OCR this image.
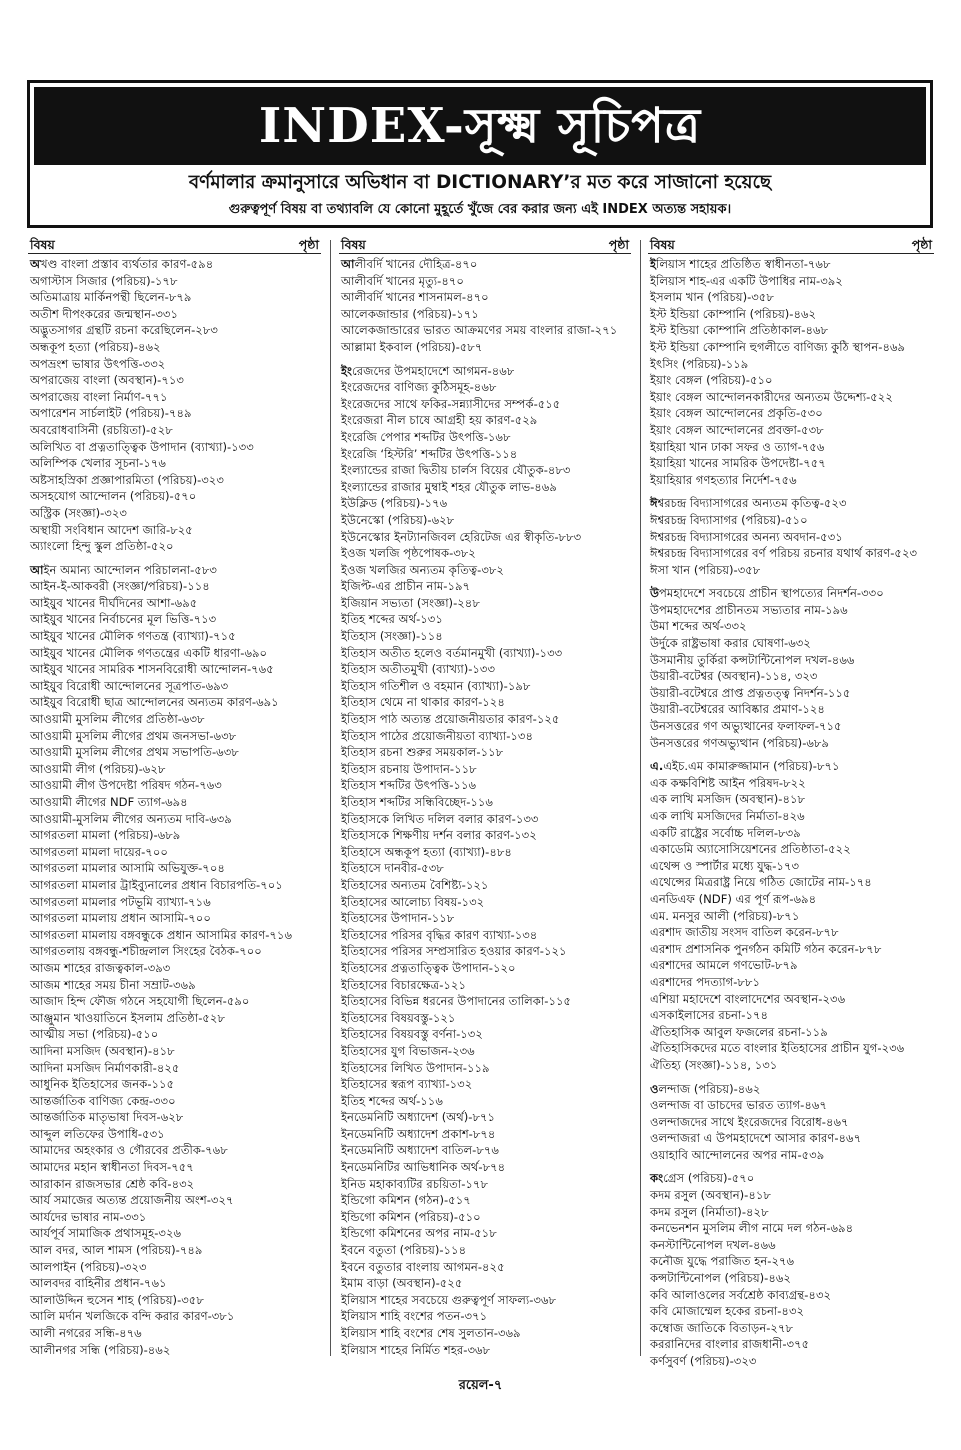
INDEX-সূক্ষ্ম সূচিপত্র
বর্ণমালার ক্রমানুসারে অভিধান বা DICTIONARY’র মত করে সাজানো হয়েছে
গুরুত্বপূর্ণ বিষয় বা তথ্যাবলি যে কোনো মুহূর্তে খুঁজে বের করার জন্য এই INDEX অত্যন্ত সহায়ক।
বিষয়	পৃষ্ঠা
অখণ্ড বাংলা প্রস্তাব ব্যর্থতার কারণ-৫৯৪
অগাস্টাস সিজার (পরিচয়)-১৭৮
অতিমাত্রায় মার্কিনপন্থী ছিলেন-৮৭৯
অতীশ দীপংকরের জন্মস্থান-৩৩১
অদ্ভুতসাগর গ্রন্থটি রচনা করেছিলেন-২৮৩
অন্ধকূপ হত্যা (পরিচয়)-৪৬২
অপভ্রংশ ভাষার উৎপত্তি-৩৩২
অপরাজেয় বাংলা (অবস্থান)-৭১৩
অপরাজেয় বাংলা নির্মাণ-৭৭১
অপারেশন সার্চলাইট (পরিচয়)-৭৪৯
অবরোধবাসিনী (রচয়িতা)-৫২৮
অলিখিত বা প্রত্নতাত্ত্বিক উপাদান (ব্যাখ্যা)-১৩৩
অলিম্পিক খেলার সূচনা-১৭৬
অষ্টসাহস্রিকা প্রজ্ঞাপারমিতা (পরিচয়)-৩২৩
অসহযোগ আন্দোলন (পরিচয়)-৫৭০
অস্ট্রিক (সংজ্ঞা)-৩২৩
অস্থায়ী সংবিধান আদেশ জারি-৮২৫
অ্যাংলো হিন্দু স্কুল প্রতিষ্ঠা-৫২০
আইন অমান্য আন্দোলন পরিচালনা-৫৮৩
আইন-ই-আকবরী (সংজ্ঞা/পরিচয়)-১১৪
আইয়ুব খানের দীর্ঘদিনের আশা-৬৯৫
আইয়ুব খানের নির্বাচনের মূল ভিত্তি-৭১৩
আইয়ুব খানের মৌলিক গণতন্ত্র (ব্যাখ্যা)-৭১৫
আইয়ুব খানের মৌলিক গণতন্ত্রের একটি ধারণা-৬৯০
আইয়ুব খানের সামরিক শাসনবিরোধী আন্দোলন-৭৬৫
আইয়ুব বিরোধী আন্দোলনের সূত্রপাত-৬৯৩
আইয়ুব বিরোধী ছাত্র আন্দোলনের অন্যতম কারণ-৬৯১
আওয়ামী মুসলিম লীগের প্রতিষ্ঠা-৬৩৮
আওয়ামী মুসলিম লীগের প্রথম জনসভা-৬৩৮
আওয়ামী মুসলিম লীগের প্রথম সভাপতি-৬৩৮
আওয়ামী লীগ (পরিচয়)-৬২৮
আওয়ামী লীগ উপদেষ্টা পরিষদ গঠন-৭৬৩
আওয়ামী লীগের NDF ত্যাগ-৬৯৪
আওয়ামী-মুসলিম লীগের অন্যতম দাবি-৬৩৯
আগরতলা মামলা (পরিচয়)-৬৮৯
আগরতলা মামলা দায়ের-৭০০
আগরতলা মামলার আসামি অভিযুক্ত-৭০৪
আগরতলা মামলার ট্রাইব্যুনালের প্রধান বিচারপতি-৭০১
আগরতলা মামলার পটভূমি ব্যাখ্যা-৭১৬
আগরতলা মামলায় প্রধান আসামি-৭০০
আগরতলা মামলায় বঙ্গবন্ধুকে প্রধান আসামির কারণ-৭১৬
আগরতলায় বঙ্গবন্ধু-শচীন্দ্রলাল সিংহের বৈঠক-৭০০
আজম শাহের রাজত্বকাল-৩৯৩
আজম শাহের সময় চীনা সম্রাট-৩৬৯
আজাদ হিন্দ ফৌজ গঠনে সহযোগী ছিলেন-৫৯০
আঞ্জুমান খাওয়াতিনে ইসলাম প্রতিষ্ঠা-৫২৮
আত্মীয় সভা (পরিচয়)-৫১০
আদিনা মসজিদ (অবস্থান)-৪১৮
আদিনা মসজিদ নির্মাণকারী-৪২৫
আধুনিক ইতিহাসের জনক-১১৫
আন্তর্জাতিক বাণিজ্য কেন্দ্র-৩৩০
আন্তর্জাতিক মাতৃভাষা দিবস-৬২৮
আব্দুল লতিফের উপাধি-৫৩১
আমাদের অহংকার ও গৌরবের প্রতীক-৭৬৮
আমাদের মহান স্বাধীনতা দিবস-৭৫৭
আরাকান রাজসভার শ্রেষ্ঠ কবি-৪৩২
আর্য সমাজের অত্যন্ত প্রয়োজনীয় অংশ-৩২৭
আর্যদের ভাষার নাম-৩৩১
আর্যপূর্ব সামাজিক প্রথাসমূহ-৩২৬
আল বদর, আল শামস (পরিচয়)-৭৪৯
আলপাইন (পরিচয়)-৩২৩
আলবদর বাহিনীর প্রধান-৭৬১
আলাউদ্দিন হুসেন শাহ (পরিচয়)-৩৫৮
আলি মর্দান খলজিকে বন্দি করার কারণ-৩৮১
আলী নগরের সন্ধি-৪৭৬
আলীনগর সন্ধি (পরিচয়)-৪৬২
বিষয়	পৃষ্ঠা
আলীবর্দি খানের দৌহিত্র-৪৭০
আলীবর্দি খানের মৃত্যু-৪৭০
আলীবর্দি খানের শাসনামল-৪৭০
আলেকজান্ডার (পরিচয়)-১৭১
আলেকজান্ডারের ভারত আক্রমণের সময় বাংলার রাজা-২৭১
আল্লামা ইকবাল (পরিচয়)-৫৮৭
ইংরেজদের উপমহাদেশে আগমন-৪৬৮
ইংরেজদের বাণিজ্য কুঠিসমূহ-৪৬৮
ইংরেজদের সাথে ফকির-সন্ন্যাসীদের সম্পর্ক-৫১৫
ইংরেজরা নীল চাষে আগ্রহী হয় কারণ-৫২৯
ইংরেজি পেপার শব্দটির উৎপত্তি-১৬৮
ইংরেজি ‘হিস্টরি’ শব্দটির উৎপত্তি-১১৪
ইংল্যান্ডের রাজা দ্বিতীয় চার্লস বিয়ের যৌতুক-৪৮৩
ইংল্যান্ডের রাজার মুম্বাই শহর যৌতুক লাভ-৪৬৯
ইউক্লিড (পরিচয়)-১৭৬
ইউনেস্কো (পরিচয়)-৬২৮
ইউনেস্কোর ইনট্যানজিবল হেরিটেজ এর স্বীকৃতি-৮৮৩
ইওজ খলজি পৃষ্ঠপোষক-৩৮২
ইওজ খলজির অন্যতম কৃতিত্ব-৩৮২
ইজিপ্ট-এর প্রাচীন নাম-১৯৭
ইজিয়ান সভ্যতা (সংজ্ঞা)-২৪৮
ইতিহ শব্দের অর্থ-১৩১
ইতিহাস (সংজ্ঞা)-১১৪
ইতিহাস অতীত হলেও বর্তমানমুখী (ব্যাখ্যা)-১৩৩
ইতিহাস অতীতমুখী (ব্যাখ্যা)-১৩৩
ইতিহাস গতিশীল ও বহমান (ব্যাখ্যা)-১৯৮
ইতিহাস থেমে না থাকার কারণ-১২৪
ইতিহাস পাঠ অত্যন্ত প্রয়োজনীয়তার কারণ-১২৫
ইতিহাস পাঠের প্রয়োজনীয়তা ব্যাখ্যা-১৩৪
ইতিহাস রচনা শুরুর সময়কাল-১১৮
ইতিহাস রচনায় উপাদান-১১৮
ইতিহাস শব্দটির উৎপত্তি-১১৬
ইতিহাস শব্দটির সন্ধিবিচ্ছেদ-১১৬
ইতিহাসকে লিখিত দলিল বলার কারণ-১৩৩
ইতিহাসকে শিক্ষণীয় দর্শন বলার কারণ-১৩২
ইতিহাসে অন্ধকূপ হত্যা (ব্যাখ্যা)-৪৮৪
ইতিহাসে দানবীর-৫৩৮
ইতিহাসের অন্যতম বৈশিষ্ট্য-১২১
ইতিহাসের আলোচ্য বিষয়-১৩২
ইতিহাসের উপাদান-১১৮
ইতিহাসের পরিসর বৃদ্ধির কারণ ব্যাখ্যা-১৩৪
ইতিহাসের পরিসর সম্প্রসারিত হওয়ার কারণ-১২১
ইতিহাসের প্রত্নতাত্ত্বিক উপাদান-১২০
ইতিহাসের বিচারক্ষেত্র-১২১
ইতিহাসের বিভিন্ন ধরনের উপাদানের তালিকা-১১৫
ইতিহাসের বিষয়বস্তু-১২১
ইতিহাসের বিষয়বস্তু বর্ণনা-১৩২
ইতিহাসের যুগ বিভাজন-২৩৬
ইতিহাসের লিখিত উপাদান-১১৯
ইতিহাসের স্বরূপ ব্যাখ্যা-১৩২
ইতিহ শব্দের অর্থ-১১৬
ইনডেমনিটি অধ্যাদেশ (অর্থ)-৮৭১
ইনডেমনিটি অধ্যাদেশ প্রকাশ-৮৭৪
ইনডেমনিটি অধ্যাদেশ বাতিল-৮৭৬
ইনডেমনিটির আভিধানিক অর্থ-৮৭৪
ইনিড মহাকাব্যটির রচয়িতা-১৭৮
ইন্ডিগো কমিশন (গঠন)-৫১৭
ইন্ডিগো কমিশন (পরিচয়)-৫১০
ইন্ডিগো কমিশনের অপর নাম-৫১৮
ইবনে বতুতা (পরিচয়)-১১৪
ইবনে বতুতার বাংলায় আগমন-৪২৫
ইমাম বাড়া (অবস্থান)-৫২৫
ইলিয়াস শাহের সবচেয়ে গুরুত্বপূর্ণ সাফল্য-৩৬৮
ইলিয়াস শাহি বংশের পতন-৩৭১
ইলিয়াস শাহি বংশের শেষ সুলতান-৩৬৯
ইলিয়াস শাহের নির্মিত শহর-৩৬৮
বিষয়	পৃষ্ঠা
ইলিয়াস শাহের প্রতিষ্ঠিত স্বাধীনতা-৭৬৮
ইলিয়াস শাহ-এর একটি উপাধির নাম-৩৯২
ইসলাম খান (পরিচয়)-৩৫৮
ইস্ট ইন্ডিয়া কোম্পানি (পরিচয়)-৪৬২
ইস্ট ইন্ডিয়া কোম্পানি প্রতিষ্ঠাকাল-৪৬৮
ইস্ট ইন্ডিয়া কোম্পানি হুগলীতে বাণিজ্য কুঠি স্থাপন-৪৬৯
ইৎসিং (পরিচয়)-১১৯
ইয়াং বেঙ্গল (পরিচয়)-৫১০
ইয়াং বেঙ্গল আন্দোলনকারীদের অন্যতম উদ্দেশ্য-৫২২
ইয়াং বেঙ্গল আন্দোলনের প্রকৃতি-৫৩০
ইয়াং বেঙ্গল আন্দোলনের প্রবক্তা-৫৩৮
ইয়াহিয়া খান ঢাকা সফর ও ত্যাগ-৭৫৬
ইয়াহিয়া খানের সামরিক উপদেষ্টা-৭৫৭
ইয়াহিয়ার গণহত্যার নির্দেশ-৭৫৬
ঈশ্বরচন্দ্র বিদ্যাসাগরের অন্যতম কৃতিত্ব-৫২৩
ঈশ্বরচন্দ্র বিদ্যাসাগর (পরিচয়)-৫১০
ঈশ্বরচন্দ্র বিদ্যাসাগরের অনন্য অবদান-৫৩১
ঈশ্বরচন্দ্র বিদ্যাসাগরের বর্ণ পরিচয় রচনার যথার্থ কারণ-৫২৩
ঈসা খান (পরিচয়)-৩৫৮
উপমহাদেশে সবচেয়ে প্রাচীন স্থাপত্যের নিদর্শন-৩৩০
উপমহাদেশের প্রাচীনতম সভ্যতার নাম-১৯৬
উমা শব্দের অর্থ-৩৩২
উর্দুকে রাষ্ট্রভাষা করার ঘোষণা-৬৩২
উসমানীয় তুর্কিরা কন্সটান্টিনোপল দখল-৪৬৬
উয়ারী-বটেশ্বর (অবস্থান)-১১৪, ৩২৩
উয়ারী-বটেশ্বরে প্রাপ্ত প্রত্নতত্ত্ব নিদর্শন-১১৫
উয়ারী-বটেশ্বরের আবিষ্কার প্রমাণ-১২৪
উনসত্তরের গণ অভ্যুত্থানের ফলাফল-৭১৫
উনসত্তরের গণঅভ্যুত্থান (পরিচয়)-৬৮৯
এ.এইচ.এম কামারুজ্জামান (পরিচয়)-৮৭১
এক কক্ষবিশিষ্ট আইন পরিষদ-৮২২
এক লাখি মসজিদ (অবস্থান)-৪১৮
এক লাখি মসজিদের নির্মাতা-৪২৬
একটি রাষ্ট্রের সর্বোচ্চ দলিল-৮৩৯
একাডেমি অ্যাসোসিয়েশনের প্রতিষ্ঠাতা-৫২২
এথেন্স ও স্পার্টার মধ্যে যুদ্ধ-১৭৩
এথেন্সের মিত্ররাষ্ট্র নিয়ে গঠিত জোটের নাম-১৭৪
এনডিএফ (NDF) এর পূর্ণ রূপ-৬৯৪
এম. মনসুর আলী (পরিচয়)-৮৭১
এরশাদ জাতীয় সংসদ বাতিল করেন-৮৭৮
এরশাদ প্রশাসনিক পুনর্গঠন কমিটি গঠন করেন-৮৭৮
এরশাদের আমলে গণভোট-৮৭৯
এরশাদের পদত্যাগ-৮৮১
এশিয়া মহাদেশে বাংলাদেশের অবস্থান-২৩৬
এসকাইলাসের রচনা-১৭৪
ঐতিহাসিক আবুল ফজলের রচনা-১১৯
ঐতিহাসিকদের মতে বাংলার ইতিহাসের প্রাচীন যুগ-২৩৬
ঐতিহ্য (সংজ্ঞা)-১১৪, ১৩১
ওলন্দাজ (পরিচয়)-৪৬২
ওলন্দাজ বা ডাচদের ভারত ত্যাগ-৪৬৭
ওলন্দাজদের সাথে ইংরেজদের বিরোধ-৪৬৭
ওলন্দাজরা এ উপমহাদেশে আসার কারণ-৪৬৭
ওয়াহাবি আন্দোলনের অপর নাম-৫৩৯
কংগ্রেস (পরিচয়)-৫৭০
কদম রসুল (অবস্থান)-৪১৮
কদম রসুল (নির্মাতা)-৪২৮
কনভেনশন মুসলিম লীগ নামে দল গঠন-৬৯৪
কনস্টান্টিনোপল দখল-৪৬৬
কনৌজ যুদ্ধে পরাজিত হন-২৭৬
কন্সটান্টিনোপল (পরিচয়)-৪৬২
কবি আলাওলের সর্বশ্রেষ্ঠ কাব্যগ্রন্থ-৪৩২
কবি মোজাম্মেল হকের রচনা-৪৩২
কম্বোজ জাতিকে বিতাড়ন-২৭৮
কররানিদের বাংলার রাজধানী-৩৭৫
কর্ণসুবর্ণ (পরিচয়)-৩২৩
রয়েল-৭
